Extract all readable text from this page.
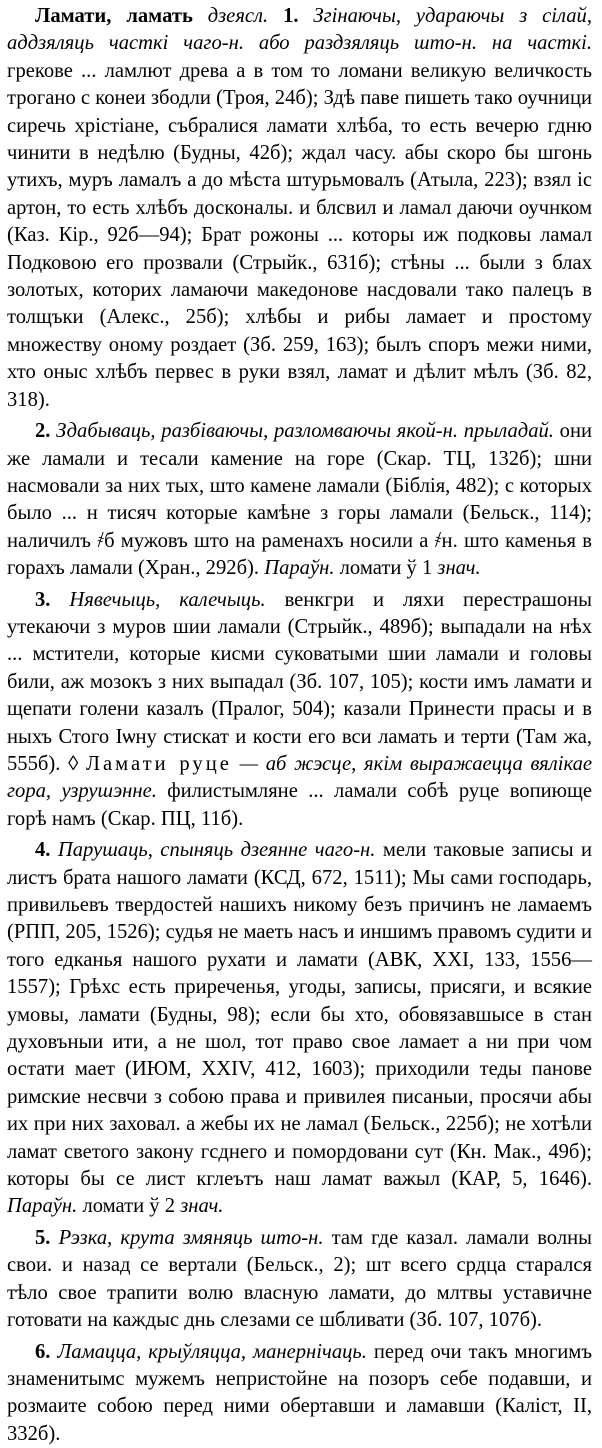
Ламати, ламать дзеясл. 1. Згінаючы, удараючы з сілай, аддзяляць часткі чаго-н. або раздзяляць што-н. на часткі. грекове ... ламлют древа а в том то ломани великую величкость трогано с конеи збодли (Троя, 24б); Здѣ паве пишеть тако оучници сиречь хрістіане, събралися ламати хлѣба, то есть вечерю гдню чинити в недѣлю (Будны, 42б); ждал часу. абы скоро бы шгонь утихъ, муръ ламалъ а до мѣста штурьмовалъ (Атыла, 223); взял іс артон, то есть хлѣбъ досконалы. и блсвил и ламал даючи оучнком (Каз. Кір., 92б—94); Брат рожоны ... которы иж подковы ламал Подковою его прозвали (Стрыйк., 631б); стѣны ... были з блах золотых, которих ламаючи македонове насдовали тако палецъ в толщъки (Алекс., 25б); хлѣбы и рибы ламает и простому множеству оному роздает (Зб. 259, 163); былъ споръ межи ними, хто оныс хлѣбъ первес в руки взял, ламат и дѣлит мѣлъ (Зб. 82, 318).

2. Здабываць, разбіваючы, разломваючы якой-н. прыладай. они же ламали и тесали камение на горе (Скар. ТЦ, 132б); шни насмовали за них тых, што камене ламали (Біблія, 482); с которых было ... н тисяч которые камѣне з горы ламали (Бельск., 114); наличилъ ҂б мужовъ што на раменахъ носили а ҂н. што каменья в горахъ ламали (Хран., 292б). Параўн. ломати ў 1 знач.

3. Нявечыць, калечыць. венкгри и ляхи перестрашоны утекаючи з муров шии ламали (Стрыйк., 489б); выпадали на нѣх ... мстители, которые кисми суковатыми шии ламали и головы били, аж мозокъ з них выпадал (Зб. 107, 105); кости имъ ламати и щепати голени казалъ (Пралог, 504); казали Принести прасы и в ныхъ Стого Іѡну стискат и кости его вси ламать и терти (Там жа, 555б). ◊ Ламати руце — аб жэсце, якім выражаецца вялікае гора, узрушэнне. филистымляне ... ламали собѣ руце вопиюще горѣ намъ (Скар. ПЦ, 11б).

4. Парушаць, спыняць дзеянне чаго-н. мели таковые записы и листъ брата нашого ламати (КСД, 672, 1511); Мы сами господарь, привильевъ твердостей нашихъ никому безъ причинъ не ламаемъ (РПП, 205, 1526); судья не маеть насъ и иншимъ правомъ судити и того едканья нашого рухати и ламати (АВК, XXI, 133, 1556—1557); Грѣхс есть приреченья, угоды, записы, присяги, и всякие умовы, ламати (Будны, 98); если бы хто, обовязавшысе в стан духовъныи ити, а не шол, тот право свое ламает а ни при чом остати мает (ИЮМ, XXIV, 412, 1603); приходили теды панове римские несвчи з собою права и привилея писаныи, просячи абы их при них заховал. а жебы их не ламал (Бельск., 225б); не хотѣли ламат светого закону гсднего и помордовани сут (Кн. Мак., 49б); которы бы се лист кглеътъ наш ламат важыл (КАР, 5, 1646). Параўн. ломати ў 2 знач.

5. Рэзка, крута змяняць што-н. там где казал. ламали волны свои. и назад се вертали (Бельск., 2); шт всего срдца старался тѣло свое трапити волю власную ламати, до млтвы уставичне готовати на каждыс днь слезами се шбливати (Зб. 107, 107б).

6. Ламацца, крыўляцца, манернічаць. перед очи такъ многимъ знаменитымс мужемъ непристойне на позоръ себе подавши, и розмаите собою перед ними обертавши и ламавши (Каліст, II, 332б).
